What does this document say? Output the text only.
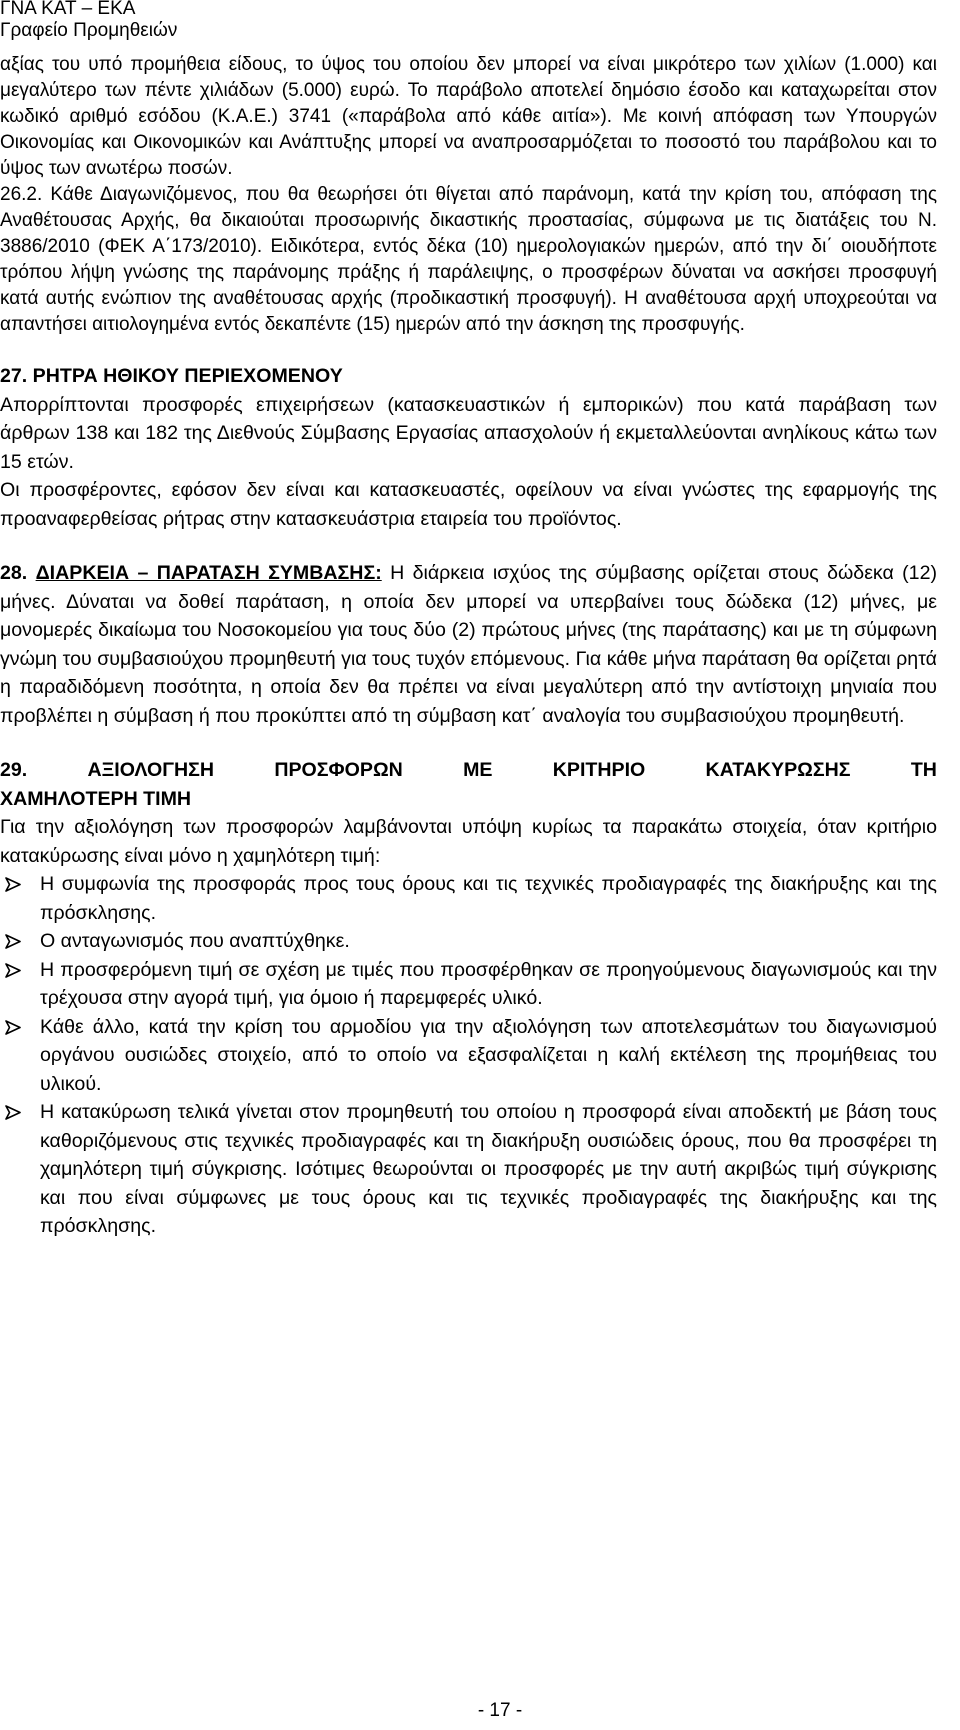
ΓΝΑ ΚΑΤ – ΕΚΑ
Γραφείο Προμηθειών

αξίας του υπό προμήθεια είδους, το ύψος του οποίου δεν μπορεί να είναι μικρότερο των χιλίων (1.000) και μεγαλύτερο των πέντε χιλιάδων (5.000) ευρώ. Το παράβολο αποτελεί δημόσιο έσοδο και καταχωρείται στον κωδικό αριθμό εσόδου (Κ.Α.Ε.) 3741 («παράβολα από κάθε αιτία»). Με κοινή απόφαση των Υπουργών Οικονομίας και Οικονομικών και Ανάπτυξης μπορεί να αναπροσαρμόζεται το ποσοστό του παράβολου και το ύψος των ανωτέρω ποσών.

26.2. Κάθε Διαγωνιζόμενος, που θα θεωρήσει ότι θίγεται από παράνομη, κατά την κρίση του, απόφαση της Αναθέτουσας Αρχής, θα δικαιούται προσωρινής δικαστικής προστασίας, σύμφωνα με τις διατάξεις του Ν. 3886/2010 (ΦΕΚ Α΄173/2010). Ειδικότερα, εντός δέκα (10) ημερολογιακών ημερών, από την δι΄ οιουδήποτε τρόπου λήψη γνώσης της παράνομης πράξης ή παράλειψης, ο προσφέρων δύναται να ασκήσει προσφυγή κατά αυτής ενώπιον της αναθέτουσας αρχής (προδικαστική προσφυγή). Η αναθέτουσα αρχή υποχρεούται να απαντήσει αιτιολογημένα εντός δεκαπέντε (15) ημερών από την άσκηση της προσφυγής.

27. ΡΗΤΡΑ ΗΘΙΚΟΥ ΠΕΡΙΕΧΟΜΕΝΟΥ

Απορρίπτονται προσφορές επιχειρήσεων (κατασκευαστικών ή εμπορικών) που κατά παράβαση των άρθρων 138 και 182 της Διεθνούς Σύμβασης Εργασίας απασχολούν ή εκμεταλλεύονται ανηλίκους κάτω των 15 ετών.

Οι προσφέροντες, εφόσον δεν είναι και κατασκευαστές, οφείλουν να είναι γνώστες της εφαρμογής της προαναφερθείσας ρήτρας στην κατασκευάστρια εταιρεία του προϊόντος.

28. ΔΙΑΡΚΕΙΑ – ΠΑΡΑΤΑΣΗ ΣΥΜΒΑΣΗΣ: Η διάρκεια ισχύος της σύμβασης ορίζεται στους δώδεκα (12) μήνες. Δύναται να δοθεί παράταση, η οποία δεν μπορεί να υπερβαίνει τους δώδεκα (12) μήνες, με μονομερές δικαίωμα του Νοσοκομείου για τους δύο (2) πρώτους μήνες (της παράτασης) και με τη σύμφωνη γνώμη του συμβασιούχου προμηθευτή για τους τυχόν επόμενους. Για κάθε μήνα παράταση θα ορίζεται ρητά η παραδιδόμενη ποσότητα, η οποία δεν θα πρέπει να είναι μεγαλύτερη από την αντίστοιχη μηνιαία που προβλέπει η σύμβαση ή που προκύπτει από τη σύμβαση κατ΄ αναλογία του συμβασιούχου προμηθευτή.

29.	ΑΞΙΟΛΟΓΗΣΗ	ΠΡΟΣΦΟΡΩΝ	ΜΕ	ΚΡΙΤΗΡΙΟ	ΚΑΤΑΚΥΡΩΣΗΣ	ΤΗ

ΧΑΜΗΛΟΤΕΡΗ ΤΙΜΗ

Για την αξιολόγηση των προσφορών λαμβάνονται υπόψη κυρίως τα παρακάτω στοιχεία, όταν κριτήριο κατακύρωσης είναι μόνο η χαμηλότερη τιμή:

Η συμφωνία της προσφοράς προς τους όρους και τις τεχνικές προδιαγραφές της διακήρυξης και της πρόσκλησης.
Ο ανταγωνισμός που αναπτύχθηκε.
Η προσφερόμενη τιμή σε σχέση με τιμές που προσφέρθηκαν σε προηγούμενους διαγωνισμούς και την τρέχουσα στην αγορά τιμή, για όμοιο ή παρεμφερές υλικό.
Κάθε άλλο, κατά την κρίση του αρμοδίου για την αξιολόγηση των αποτελεσμάτων του διαγωνισμού οργάνου ουσιώδες στοιχείο, από το οποίο να εξασφαλίζεται η καλή εκτέλεση της προμήθειας του υλικού.
Η κατακύρωση τελικά γίνεται στον προμηθευτή του οποίου η προσφορά είναι αποδεκτή με βάση τους καθοριζόμενους στις τεχνικές προδιαγραφές και τη διακήρυξη ουσιώδεις όρους, που θα προσφέρει τη χαμηλότερη τιμή σύγκρισης. Ισότιμες θεωρούνται οι προσφορές με την αυτή ακριβώς τιμή σύγκρισης και που είναι σύμφωνες με τους όρους και τις τεχνικές προδιαγραφές της διακήρυξης και της πρόσκλησης.
- 17 -
